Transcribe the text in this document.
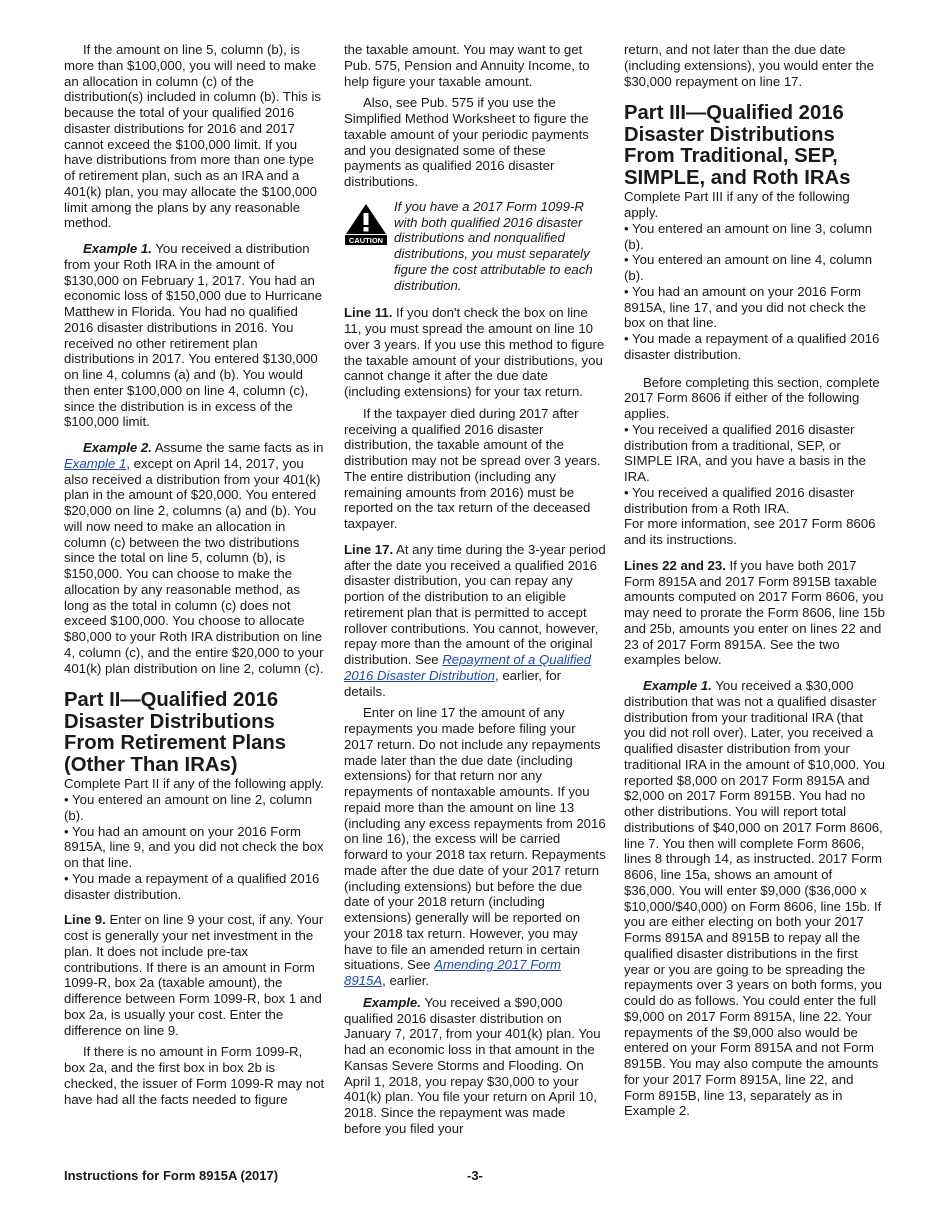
If the amount on line 5, column (b), is more than $100,000, you will need to make an allocation in column (c) of the distribution(s) included in column (b). This is because the total of your qualified 2016 disaster distributions for 2016 and 2017 cannot exceed the $100,000 limit. If you have distributions from more than one type of retirement plan, such as an IRA and a 401(k) plan, you may allocate the $100,000 limit among the plans by any reasonable method.

Example 1. You received a distribution from your Roth IRA in the amount of $130,000 on February 1, 2017. You had an economic loss of $150,000 due to Hurricane Matthew in Florida. You had no qualified 2016 disaster distributions in 2016. You received no other retirement plan distributions in 2017. You entered $130,000 on line 4, columns (a) and (b). You would then enter $100,000 on line 4, column (c), since the distribution is in excess of the $100,000 limit.

Example 2. Assume the same facts as in Example 1, except on April 14, 2017, you also received a distribution from your 401(k) plan in the amount of $20,000. You entered $20,000 on line 2, columns (a) and (b). You will now need to make an allocation in column (c) between the two distributions since the total on line 5, column (b), is $150,000. You can choose to make the allocation by any reasonable method, as long as the total in column (c) does not exceed $100,000. You choose to allocate $80,000 to your Roth IRA distribution on line 4, column (c), and the entire $20,000 to your 401(k) plan distribution on line 2, column (c).

Part II—Qualified 2016 Disaster Distributions From Retirement Plans (Other Than IRAs)

Complete Part II if any of the following apply.

• You entered an amount on line 2, column (b).

• You had an amount on your 2016 Form 8915A, line 9, and you did not check the box on that line.

• You made a repayment of a qualified 2016 disaster distribution.

Line 9. Enter on line 9 your cost, if any. Your cost is generally your net investment in the plan. It does not include pre-tax contributions. If there is an amount in Form 1099-R, box 2a (taxable amount), the difference between Form 1099-R, box 1 and box 2a, is usually your cost. Enter the difference on line 9.

If there is no amount in Form 1099-R, box 2a, and the first box in box 2b is checked, the issuer of Form 1099-R may not have had all the facts needed to figure

the taxable amount. You may want to get Pub. 575, Pension and Annuity Income, to help figure your taxable amount.

Also, see Pub. 575 if you use the Simplified Method Worksheet to figure the taxable amount of your periodic payments and you designated some of these payments as qualified 2016 disaster distributions.

CAUTION

If you have a 2017 Form 1099-R with both qualified 2016 disaster distributions and nonqualified distributions, you must separately figure the cost attributable to each distribution.

Line 11. If you don't check the box on line 11, you must spread the amount on line 10 over 3 years. If you use this method to figure the taxable amount of your distributions, you cannot change it after the due date (including extensions) for your tax return.

If the taxpayer died during 2017 after receiving a qualified 2016 disaster distribution, the taxable amount of the distribution may not be spread over 3 years. The entire distribution (including any remaining amounts from 2016) must be reported on the tax return of the deceased taxpayer.

Line 17. At any time during the 3-year period after the date you received a qualified 2016 disaster distribution, you can repay any portion of the distribution to an eligible retirement plan that is permitted to accept rollover contributions. You cannot, however, repay more than the amount of the original distribution. See Repayment of a Qualified 2016 Disaster Distribution, earlier, for details.

Enter on line 17 the amount of any repayments you made before filing your 2017 return. Do not include any repayments made later than the due date (including extensions) for that return nor any repayments of nontaxable amounts. If you repaid more than the amount on line 13 (including any excess repayments from 2016 on line 16), the excess will be carried forward to your 2018 tax return. Repayments made after the due date of your 2017 return (including extensions) but before the due date of your 2018 return (including extensions) generally will be reported on your 2018 tax return. However, you may have to file an amended return in certain situations. See Amending 2017 Form 8915A, earlier.

Example. You received a $90,000 qualified 2016 disaster distribution on January 7, 2017, from your 401(k) plan. You had an economic loss in that amount in the Kansas Severe Storms and Flooding. On April 1, 2018, you repay $30,000 to your 401(k) plan. You file your return on April 10, 2018. Since the repayment was made before you filed your

return, and not later than the due date (including extensions), you would enter the $30,000 repayment on line 17.

Part III—Qualified 2016 Disaster Distributions From Traditional, SEP, SIMPLE, and Roth IRAs

Complete Part III if any of the following apply.

• You entered an amount on line 3, column (b).

• You entered an amount on line 4, column (b).

• You had an amount on your 2016 Form 8915A, line 17, and you did not check the box on that line.

• You made a repayment of a qualified 2016 disaster distribution.

Before completing this section, complete 2017 Form 8606 if either of the following applies.

• You received a qualified 2016 disaster distribution from a traditional, SEP, or SIMPLE IRA, and you have a basis in the IRA.

• You received a qualified 2016 disaster distribution from a Roth IRA.

For more information, see 2017 Form 8606 and its instructions.

Lines 22 and 23. If you have both 2017 Form 8915A and 2017 Form 8915B taxable amounts computed on 2017 Form 8606, you may need to prorate the Form 8606, line 15b and 25b, amounts you enter on lines 22 and 23 of 2017 Form 8915A. See the two examples below.

Example 1. You received a $30,000 distribution that was not a qualified disaster distribution from your traditional IRA (that you did not roll over). Later, you received a qualified disaster distribution from your traditional IRA in the amount of $10,000. You reported $8,000 on 2017 Form 8915A and $2,000 on 2017 Form 8915B. You had no other distributions. You will report total distributions of $40,000 on 2017 Form 8606, line 7. You then will complete Form 8606, lines 8 through 14, as instructed. 2017 Form 8606, line 15a, shows an amount of $36,000. You will enter $9,000 ($36,000 x $10,000/$40,000) on Form 8606, line 15b. If you are either electing on both your 2017 Forms 8915A and 8915B to repay all the qualified disaster distributions in the first year or you are going to be spreading the repayments over 3 years on both forms, you could do as follows. You could enter the full $9,000 on 2017 Form 8915A, line 22. Your repayments of the $9,000 also would be entered on your Form 8915A and not Form 8915B. You may also compute the amounts for your 2017 Form 8915A, line 22, and Form 8915B, line 13, separately as in Example 2.

Instructions for Form 8915A (2017)	-3-
